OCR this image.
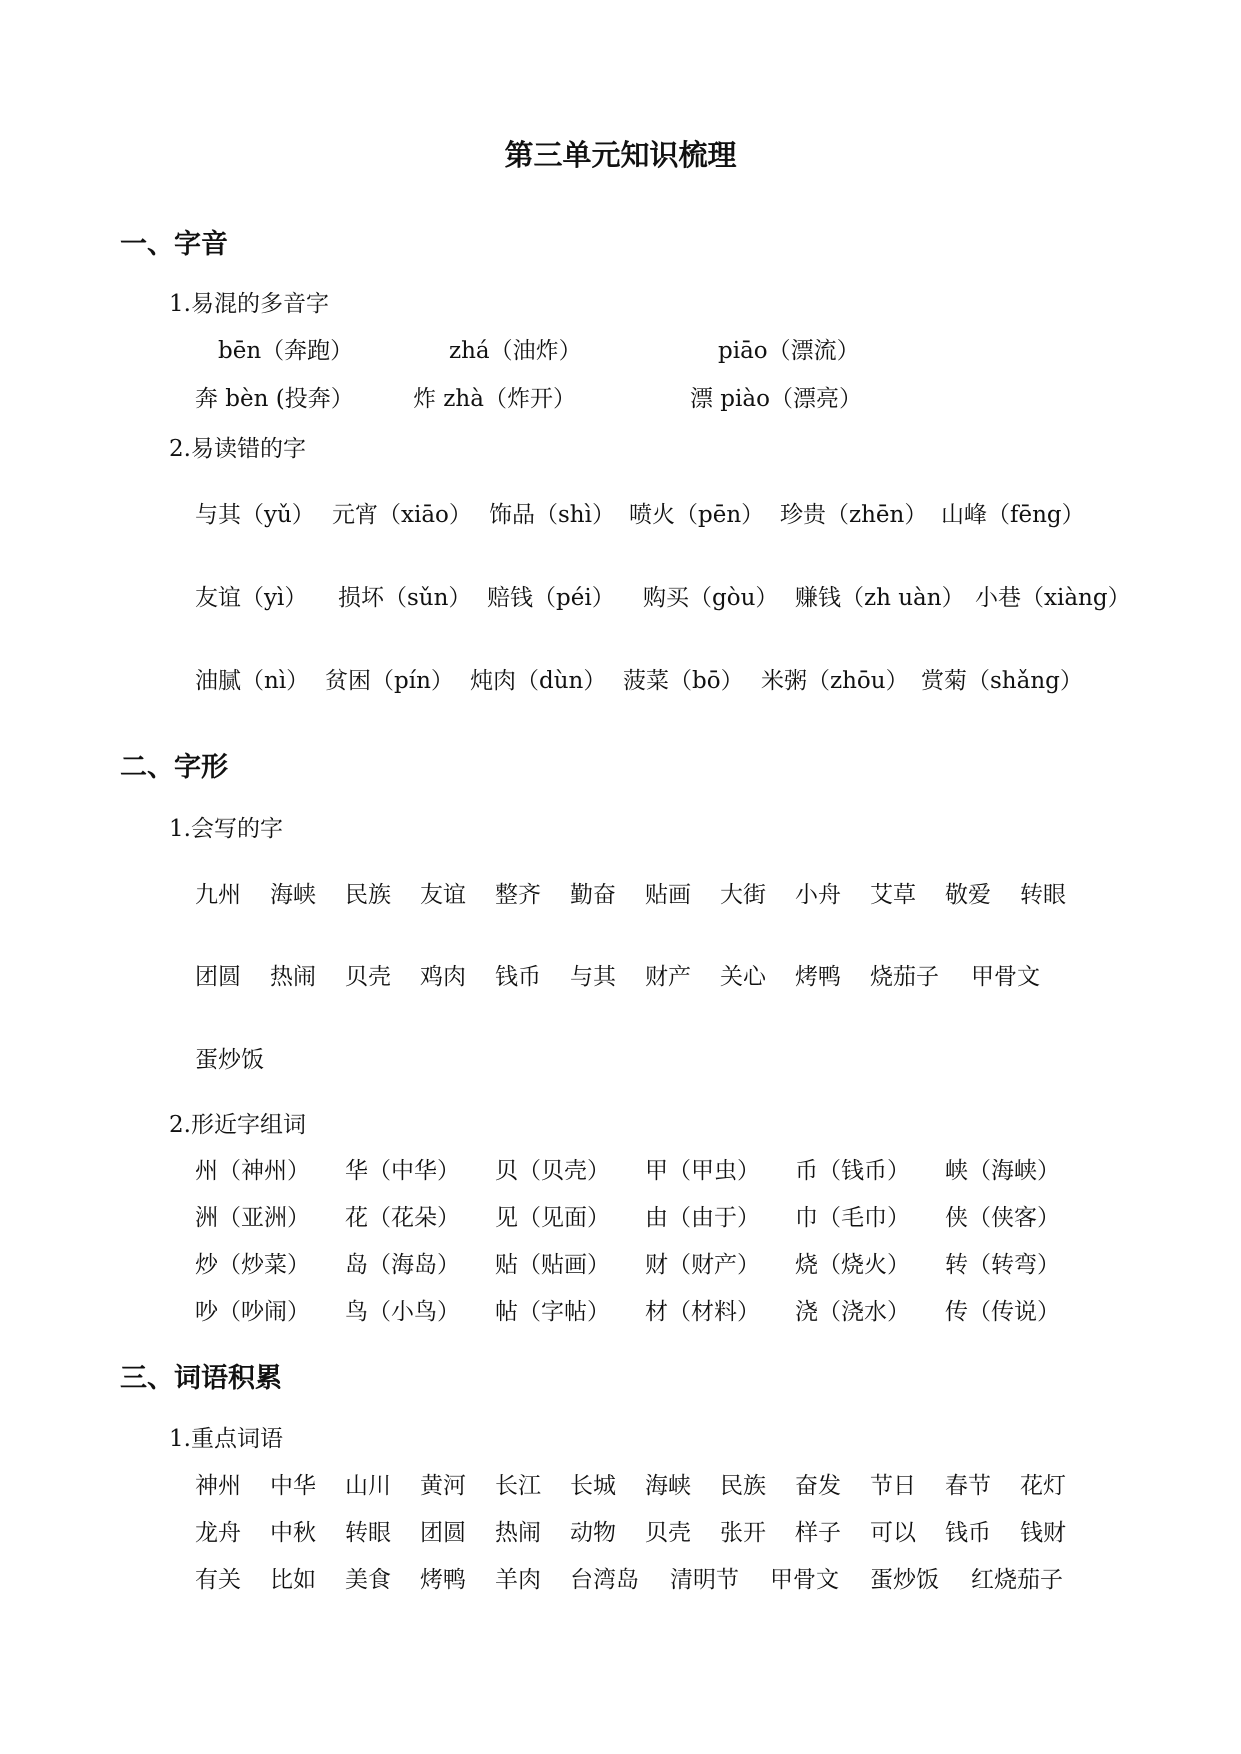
第三单元知识梳理
一、字音
1.易混的多音字
bēn（奔跑）	zhá（油炸）	piāo（漂流）
奔 bèn (投奔）	炸 zhà（炸开）	漂 piào（漂亮）
2.易读错的字
与其（yǔ） 元宵（xiāo） 饰品（shì） 喷火（pēn） 珍贵（zhēn） 山峰（fēng）
友谊（yì） 损坏（sǔn） 赔钱（péi） 购买（gòu） 赚钱（zh uàn） 小巷（xiàng）
油腻（nì） 贫困（pín） 炖肉（dùn） 菠菜（bō） 米粥（zhōu） 赏菊（shǎng）
二、字形
1.会写的字
九州 海峡 民族 友谊 整齐 勤奋 贴画 大街 小舟 艾草 敬爱 转眼
团圆 热闹 贝壳 鸡肉 钱币 与其 财产 关心 烤鸭 烧茄子 甲骨文
蛋炒饭
2.形近字组词
州（神州） 华（中华） 贝（贝壳） 甲（甲虫） 币（钱币） 峡（海峡）
洲（亚洲） 花（花朵） 见（见面） 由（由于） 巾（毛巾） 侠（侠客）
炒（炒菜） 岛（海岛） 贴（贴画） 财（财产） 烧（烧火） 转（转弯）
吵（吵闹） 鸟（小鸟） 帖（字帖） 材（材料） 浇（浇水） 传（传说）
三、词语积累
1.重点词语
神州 中华 山川 黄河 长江 长城 海峡 民族 奋发 节日 春节 花灯
龙舟 中秋 转眼 团圆 热闹 动物 贝壳 张开 样子 可以 钱币 钱财
有关 比如 美食 烤鸭 羊肉 台湾岛 清明节 甲骨文 蛋炒饭 红烧茄子
